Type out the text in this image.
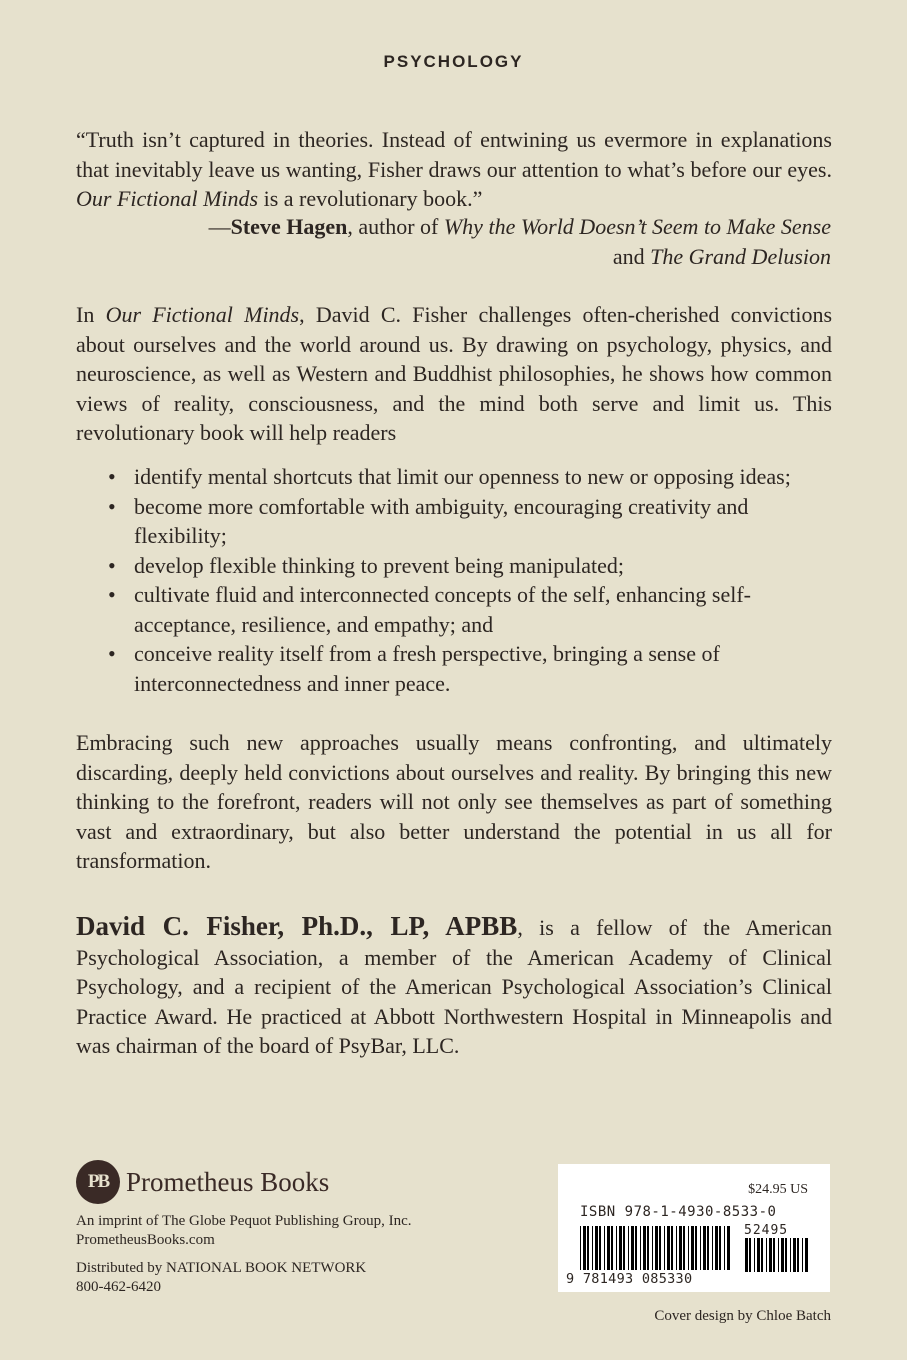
PSYCHOLOGY
“Truth isn’t captured in theories. Instead of entwining us evermore in explanations that inevitably leave us wanting, Fisher draws our attention to what’s before our eyes. Our Fictional Minds is a revolutionary book.”
—Steve Hagen, author of Why the World Doesn’t Seem to Make Sense
and The Grand Delusion
In Our Fictional Minds, David C. Fisher challenges often-cherished convictions about ourselves and the world around us. By drawing on psychology, physics, and neuroscience, as well as Western and Buddhist philosophies, he shows how common views of reality, consciousness, and the mind both serve and limit us. This revolutionary book will help readers
• identify mental shortcuts that limit our openness to new or opposing ideas;
• become more comfortable with ambiguity, encouraging creativity and flexibility;
• develop flexible thinking to prevent being manipulated;
• cultivate fluid and interconnected concepts of the self, enhancing self-acceptance, resilience, and empathy; and
• conceive reality itself from a fresh perspective, bringing a sense of interconnectedness and inner peace.
Embracing such new approaches usually means confronting, and ultimately discarding, deeply held convictions about ourselves and reality. By bringing this new thinking to the forefront, readers will not only see themselves as part of something vast and extraordinary, but also better understand the potential in us all for transformation.
David C. Fisher, Ph.D., LP, APBB, is a fellow of the American Psychological Association, a member of the American Academy of Clinical Psychology, and a recipient of the American Psychological Association’s Clinical Practice Award. He practiced at Abbott Northwestern Hospital in Minneapolis and was chairman of the board of PsyBar, LLC.
PB Prometheus Books
An imprint of The Globe Pequot Publishing Group, Inc.
PrometheusBooks.com
Distributed by NATIONAL BOOK NETWORK
800-462-6420
$24.95 US
ISBN 978-1-4930-8533-0
52495
9 781493 085330
Cover design by Chloe Batch
